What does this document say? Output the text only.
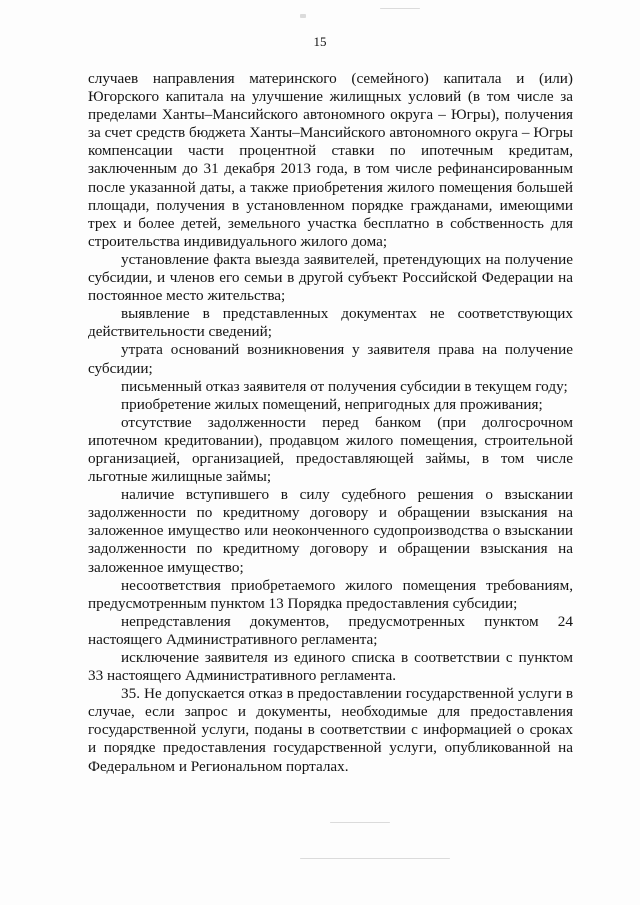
15

случаев направления материнского (семейного) капитала и (или) Югорского капитала на улучшение жилищных условий (в том числе за пределами Ханты–Мансийского автономного округа – Югры), получения за счет средств бюджета Ханты–Мансийского автономного округа – Югры компенсации части процентной ставки по ипотечным кредитам, заключенным до 31 декабря 2013 года, в том числе рефинансированным после указанной даты, а также приобретения жилого помещения большей площади, получения в установленном порядке гражданами, имеющими трех и более детей, земельного участка бесплатно в собственность для строительства индивидуального жилого дома;

установление факта выезда заявителей, претендующих на получение субсидии, и членов его семьи в другой субъект Российской Федерации на постоянное место жительства;

выявление в представленных документах не соответствующих действительности сведений;

утрата оснований возникновения у заявителя права на получение субсидии;

письменный отказ заявителя от получения субсидии в текущем году;

приобретение жилых помещений, непригодных для проживания;

отсутствие задолженности перед банком (при долгосрочном ипотечном кредитовании), продавцом жилого помещения, строительной организацией, организацией, предоставляющей займы, в том числе льготные жилищные займы;

наличие вступившего в силу судебного решения о взыскании задолженности по кредитному договору и обращении взыскания на заложенное имущество или неоконченного судопроизводства о взыскании задолженности по кредитному договору и обращении взыскания на заложенное имущество;

несоответствия приобретаемого жилого помещения требованиям, предусмотренным пунктом 13 Порядка предоставления субсидии;

непредставления документов, предусмотренных пунктом 24 настоящего Административного регламента;

исключение заявителя из единого списка в соответствии с пунктом 33 настоящего Административного регламента.

35. Не допускается отказ в предоставлении государственной услуги в случае, если запрос и документы, необходимые для предоставления государственной услуги, поданы в соответствии с информацией о сроках и порядке предоставления государственной услуги, опубликованной на Федеральном и Региональном порталах.
